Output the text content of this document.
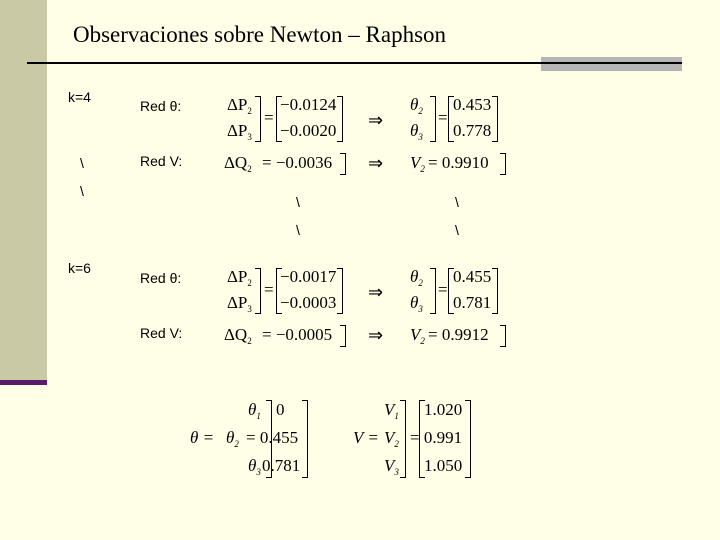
Observaciones sobre Newton – Raphson
k=4
Red θ:
Red V:
\
\
\
\
\
\
$\Delta P_2$
$\Delta P_3$
=
−0.0124
−0.0020 ⇒
$\theta_2$
$\theta_3$
=
0.453
0.778
$\Delta Q_2 = -0.0036$ ⇒ $V_2 = 0.9910$
k=6
Red θ:
Red V:
$\Delta P_2$
$\Delta P_3$
=
−0.0017
−0.0003 ⇒
$\theta_2$
$\theta_3$
=
0.455
0.781
$\Delta Q_2 = -0.0005$ ⇒ $V_2 = 0.9912$
$\theta_1$
$\theta = \theta_2$
$\theta_3$
0
= 0.455
0.781
$V_1$
$V = V_2$
$V_3$
1.020
= 0.991
1.050
